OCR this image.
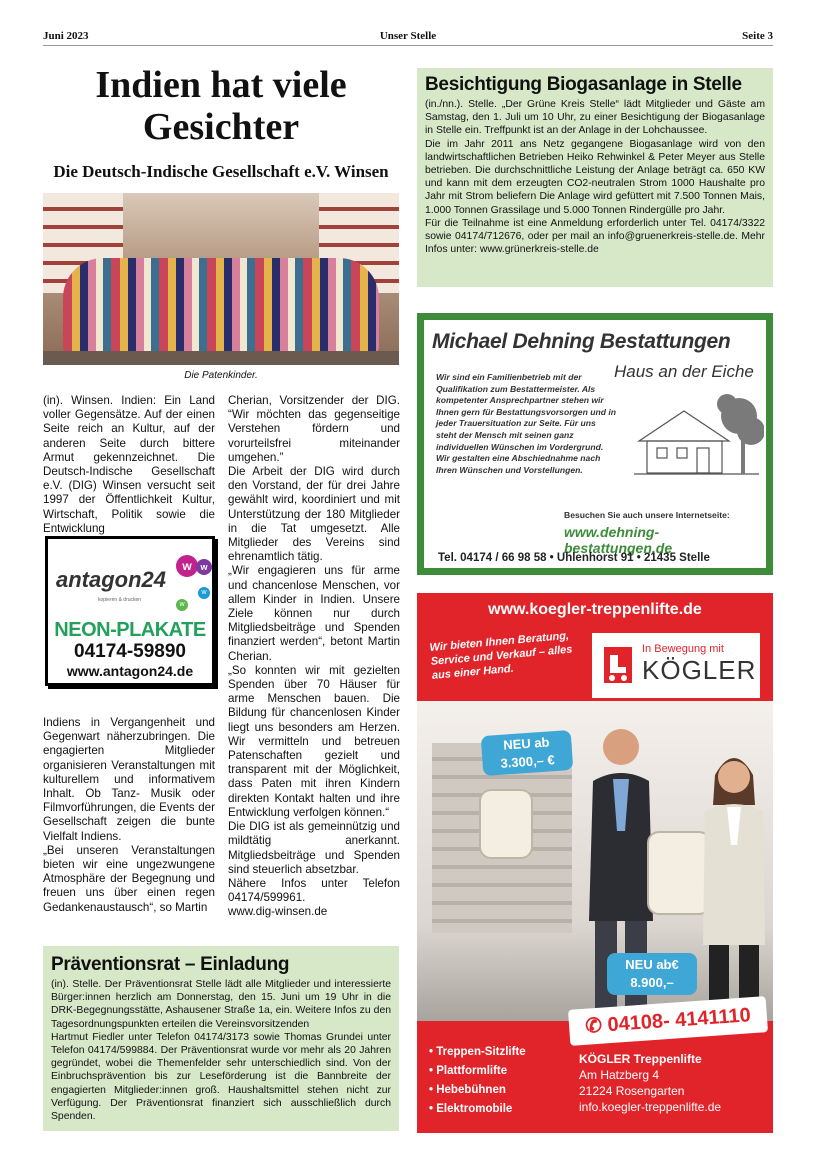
Juni 2023	Unser Stelle	Seite 3
Indien hat viele
Gesichter
Die Deutsch-Indische Gesellschaft e.V. Winsen
Die Patenkinder.

(in). Winsen. Indien: Ein Land voller Gegensätze. Auf der einen Seite reich an Kultur, auf der anderen Seite durch bittere Armut gekennzeichnet. Die Deutsch-Indische Gesellschaft e.V. (DIG) Winsen versucht seit 1997 der Öffentlichkeit Kultur, Wirtschaft, Politik sowie die Entwicklung

w w
w
w
antagon24
kopieren & drucken
NEON-PLAKATE
04174-59890
www.antagon24.de

Indiens in Vergangenheit und Gegenwart näherzubringen. Die engagierten Mitglieder organisieren Veranstaltungen mit kulturellem und informativem Inhalt. Ob Tanz- Musik oder Filmvorführungen, die Events der Gesellschaft zeigen die bunte Vielfalt Indiens.

„Bei unseren Veranstaltungen bieten wir eine ungezwungene Atmosphäre der Begegnung und freuen uns über einen regen Gedankenaustausch“, so Martin

Cherian, Vorsitzender der DIG. “Wir möchten das gegenseitige Verstehen fördern und vorurteilsfrei miteinander umgehen.”

Die Arbeit der DIG wird durch den Vorstand, der für drei Jahre gewählt wird, koordiniert und mit Unterstützung der 180 Mitglieder in die Tat umgesetzt. Alle Mitglieder des Vereins sind ehrenamtlich tätig.

„Wir engagieren uns für arme und chancenlose Menschen, vor allem Kinder in Indien. Unsere Ziele können nur durch Mitgliedsbeiträge und Spenden finanziert werden“, betont Martin Cherian.

„So konnten wir mit gezielten Spenden über 70 Häuser für arme Menschen bauen. Die Bildung für chancenlosen Kinder liegt uns besonders am Herzen. Wir vermitteln und betreuen Patenschaften gezielt und transparent mit der Möglichkeit, dass Paten mit ihren Kindern direkten Kontakt halten und ihre Entwicklung verfolgen können.“

Die DIG ist als gemeinnützig und mildtätig anerkannt. Mitgliedsbeiträge und Spenden sind steuerlich absetzbar.

Nähere Infos unter Telefon 04174/599961.

www.dig-winsen.de

Besichtigung Biogasanlage in Stelle

(in./nn.). Stelle. „Der Grüne Kreis Stelle“ lädt Mitglieder und Gäste am Samstag, den 1. Juli um 10 Uhr, zu einer Besichtigung der Biogasanlage in Stelle ein. Treffpunkt ist an der Anlage in der Lohchaussee.

Die im Jahr 2011 ans Netz gegangene Biogasanlage wird von den landwirtschaftlichen Betrieben Heiko Rehwinkel & Peter Meyer aus Stelle betrieben. Die durchschnittliche Leistung der Anlage beträgt ca. 650 KW und kann mit dem erzeugten CO2-neutralen Strom 1000 Haushalte pro Jahr mit Strom beliefern Die Anlage wird gefüttert mit 7.500 Tonnen Mais, 1.000 Tonnen Grassilage und 5.000 Tonnen Rindergülle pro Jahr.

Für die Teilnahme ist eine Anmeldung erforderlich unter Tel. 04174/3322 sowie 04174/712676, oder per mail an info@gruenerkreis-stelle.de. Mehr Infos unter: www.grünerkreis-stelle.de

Michael Dehning Bestattungen
Haus an der Eiche
Wir sind ein Familienbetrieb mit der Qualifikation zum Bestattermeister. Als kompetenter Ansprechpartner stehen wir Ihnen gern für Bestattungsvorsorgen und in jeder Trauersituation zur Seite. Für uns steht der Mensch mit seinen ganz individuellen Wünschen im Vordergrund. Wir gestalten eine Abschiednahme nach Ihren Wünschen und Vorstellungen.
Besuchen Sie auch unsere Internetseite:
www.dehning-bestattungen.de
Tel. 04174 / 66 98 58 • Uhlenhorst 91 • 21435 Stelle
www.koegler-treppenlifte.de
Wir bieten Ihnen Beratung, Service und Verkauf – alles aus einer Hand.
In Bewegung mit
KÖGLER
NEU ab
3.300,– €
NEU ab€
8.900,–
✆ 04108- 4141110
• Treppen-Sitzlifte
• Plattformlifte
• Hebebühnen
• Elektromobile
KÖGLER Treppenlifte
Am Hatzberg 4
21224 Rosengarten
info.koegler-treppenlifte.de
Präventionsrat – Einladung

(in). Stelle. Der Präventionsrat Stelle lädt alle Mitglieder und interessierte Bürger:innen herzlich am Donnerstag, den 15. Juni um 19 Uhr in die DRK-Begegnungsstätte, Ashausener Straße 1a, ein. Weitere Infos zu den Tagesordnungspunkten erteilen die Vereinsvorsitzenden

Hartmut Fiedler unter Telefon 04174/3173 sowie Thomas Grundei unter Telefon 04174/599884. Der Präventionsrat wurde vor mehr als 20 Jahren gegründet, wobei die Themenfelder sehr unterschiedlich sind. Von der Einbruchsprävention bis zur Leseförderung ist die Bannbreite der engagierten Mitglieder:innen groß. Haushaltsmittel stehen nicht zur Verfügung. Der Präventionsrat finanziert sich ausschließlich durch Spenden.
